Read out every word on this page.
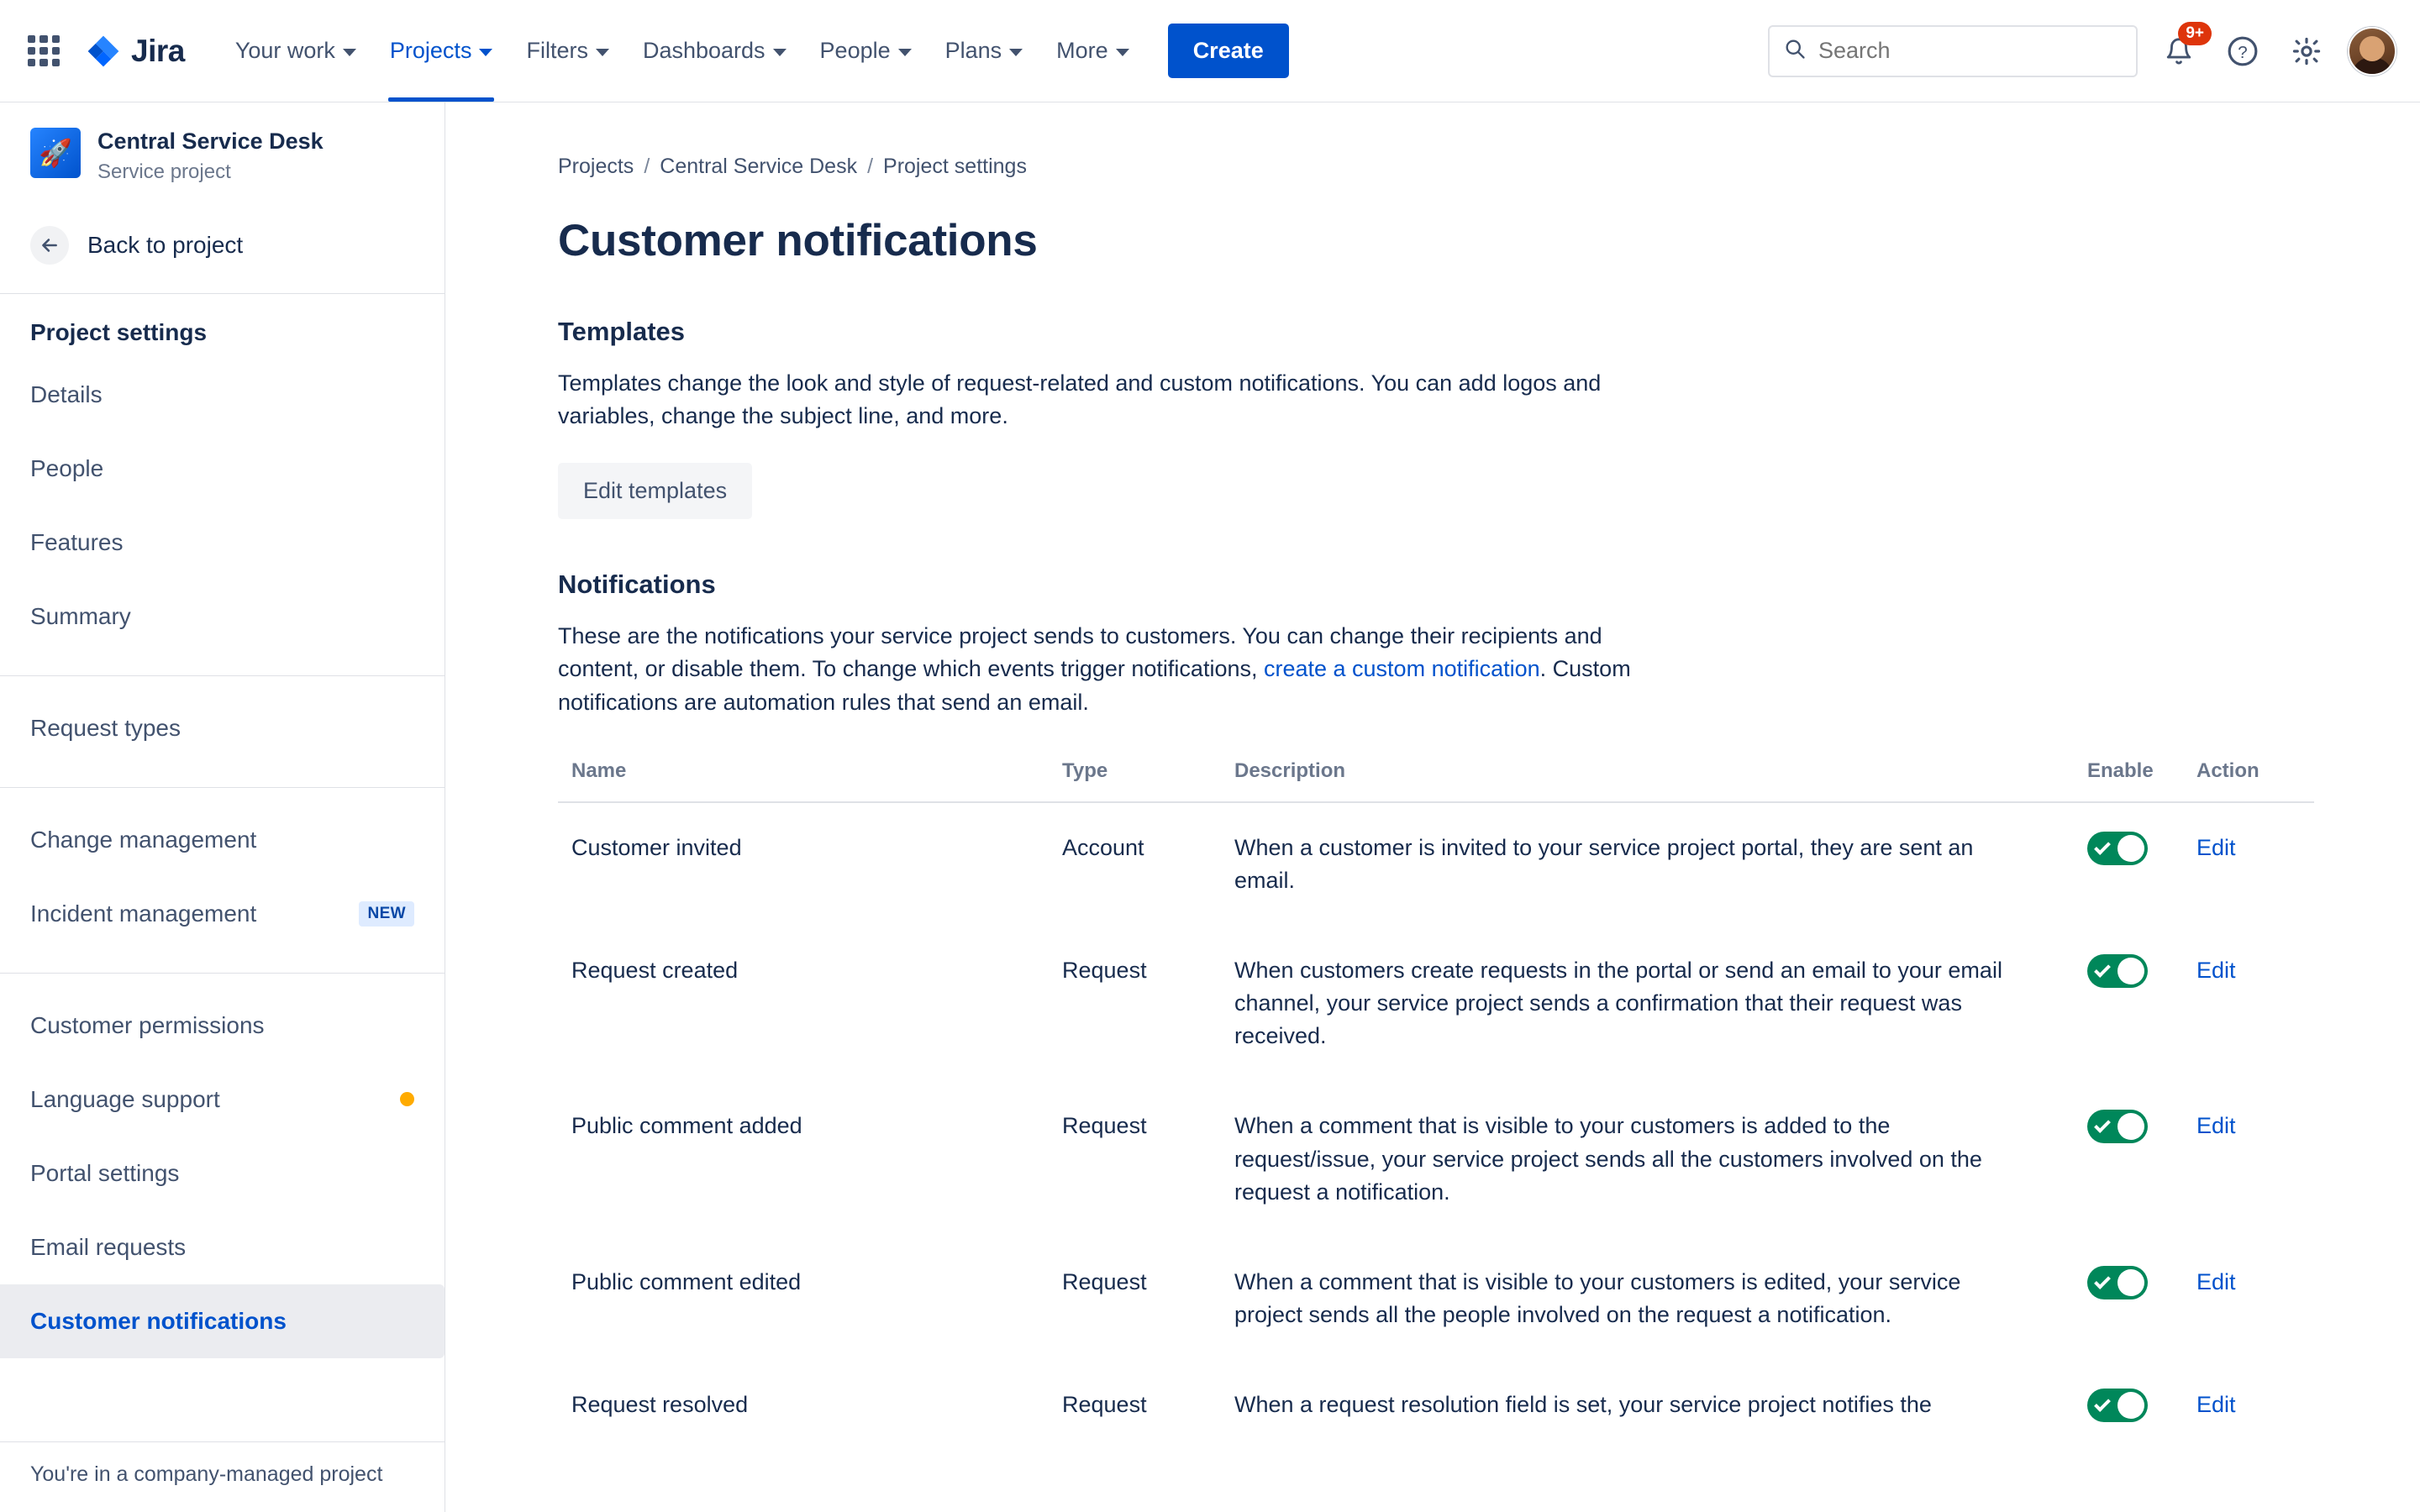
Jira Your work Projects Filters Dashboards People Plans More	Create
Search
9+
?
🚀	Central Service Desk
Service project
Back to project
Project settings
Details
People
Features
Summary
Request types
Change management
Incident management	NEW
Customer permissions
Language support
Portal settings
Email requests
Customer notifications
You're in a company-managed project
Projects / Central Service Desk / Project settings
Customer notifications
Templates

Templates change the look and style of request-related and custom notifications. You can add logos and variables, change the subject line, and more.

Edit templates
Notifications

These are the notifications your service project sends to customers. You can change their recipients and content, or disable them. To change which events trigger notifications, create a custom notification. Custom notifications are automation rules that send an email.

Name	Type	Description	Enable	Action
Customer invited	Account	When a customer is invited to your service project portal, they are sent an email.		Edit
Request created	Request	When customers create requests in the portal or send an email to your email channel, your service project sends a confirmation that their request was received.		Edit
Public comment added	Request	When a comment that is visible to your customers is added to the request/issue, your service project sends all the customers involved on the request a notification.		Edit
Public comment edited	Request	When a comment that is visible to your customers is edited, your service project sends all the people involved on the request a notification.		Edit
Request resolved	Request	When a request resolution field is set, your service project notifies the		Edit
